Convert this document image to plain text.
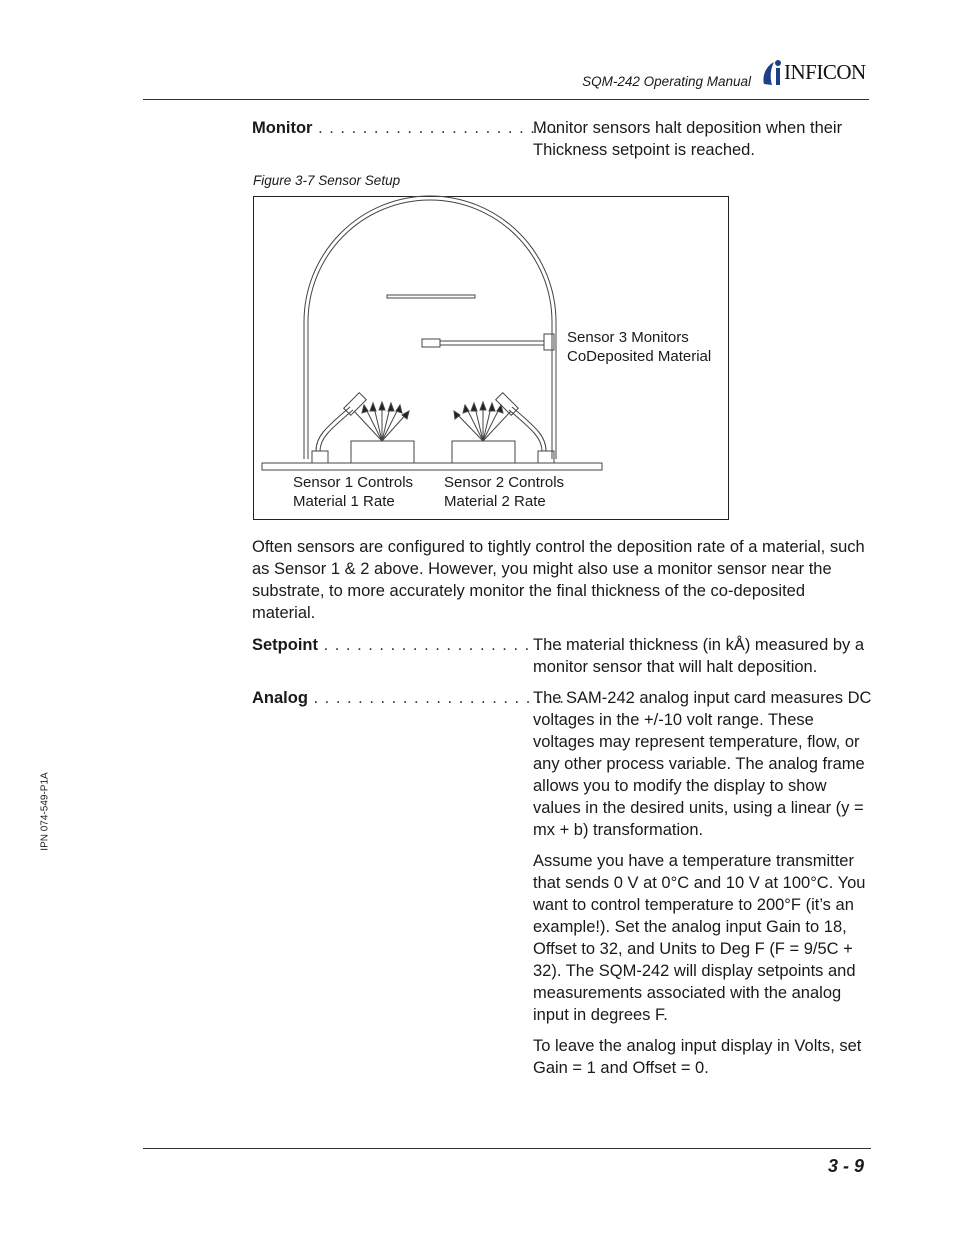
SQM-242 Operating Manual INFICON
Monitor . . . . . . . . . . . . . . . . . . . . . .
Monitor sensors halt deposition when their Thickness setpoint is reached.
Figure 3-7 Sensor Setup
Sensor 3 Monitors
CoDeposited Material
Sensor 1 Controls
Material 1 Rate
Sensor 2 Controls
Material 2 Rate
Often sensors are configured to tightly control the deposition rate of a material, such as Sensor 1 & 2 above. However, you might also use a monitor sensor near the substrate, to more accurately monitor the final thickness of the co-deposited material.
Setpoint . . . . . . . . . . . . . . . . . . . . . .
The material thickness (in kÅ) measured by a monitor sensor that will halt deposition.
Analog . . . . . . . . . . . . . . . . . . . . . . .
The SAM-242 analog input card measures DC voltages in the +/-10 volt range. These voltages may represent temperature, flow, or any other process variable. The analog frame allows you to modify the display to show values in the desired units, using a linear (y = mx + b) transformation.
Assume you have a temperature transmitter that sends 0 V at 0°C and 10 V at 100°C. You want to control temperature to 200°F (it’s an example!). Set the analog input Gain to 18, Offset to 32, and Units to Deg F (F = 9/5C + 32). The SQM-242 will display setpoints and measurements associated with the analog input in degrees F.
To leave the analog input display in Volts, set Gain = 1 and Offset = 0.
IPN 074-549-P1A
3 - 9
